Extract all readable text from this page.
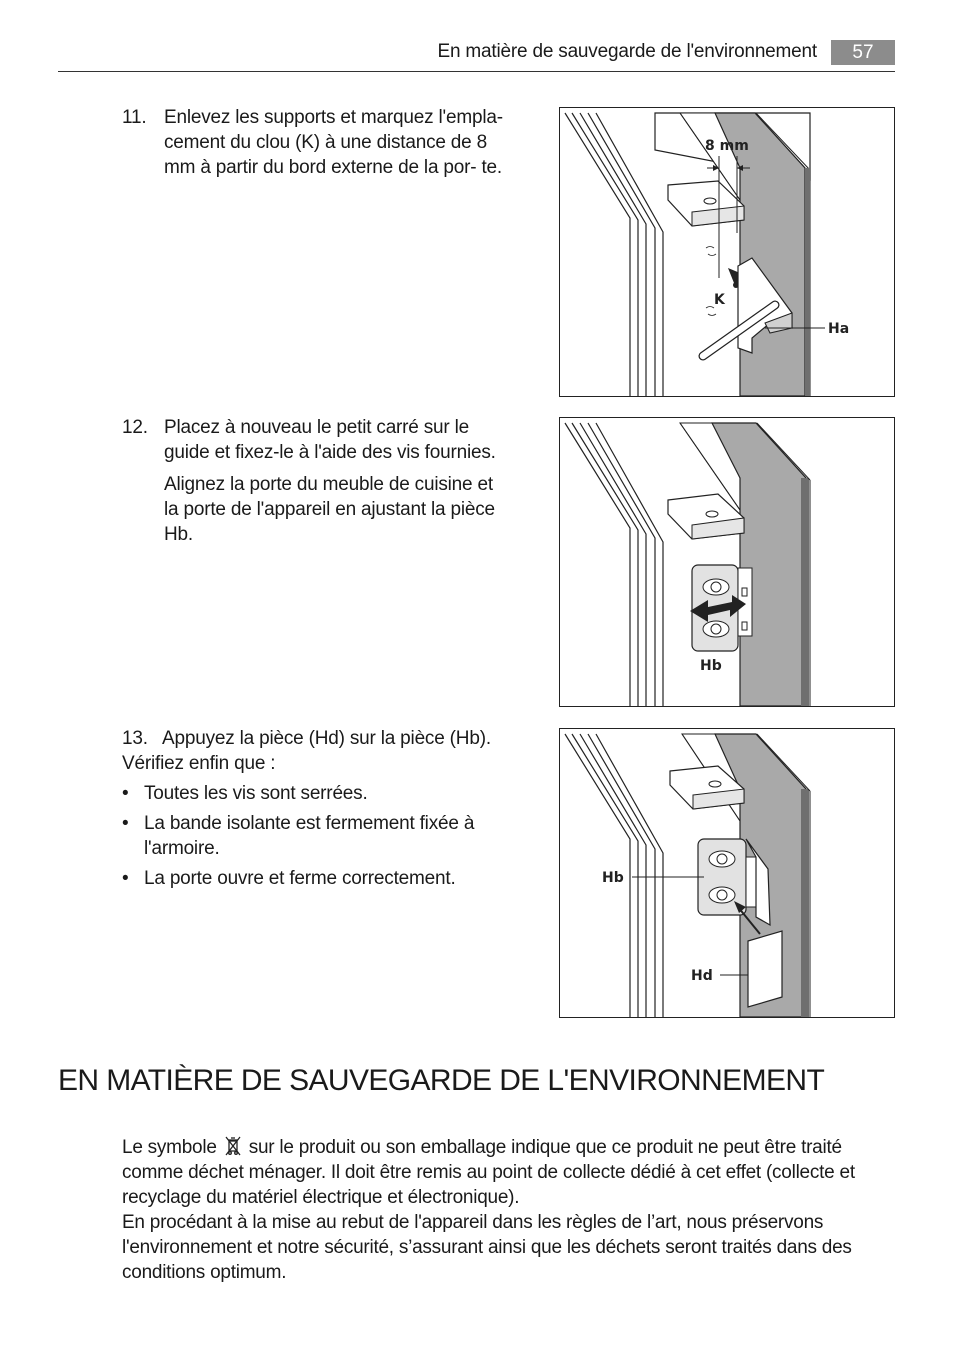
En matière de sauvegarde de l'environnement	57
11. Enlevez les supports et marquez l'empla- cement du clou (K) à une distance de 8 mm à partir du bord externe de la por- te.

12. Placez à nouveau le petit carré sur le guide et fixez-le à l'aide des vis fournies.

Alignez la porte du meuble de cuisine et la porte de l'appareil en ajustant la pièce Hb.

13. Appuyez la pièce (Hd) sur la pièce (Hb).

Vérifiez enfin que :

• Toutes les vis sont serrées.
• La bande isolante est fermement fixée à l'armoire.
• La porte ouvre et ferme correctement.
8 mm
K
Ha
Hb
Hb
Hd
EN MATIÈRE DE SAUVEGARDE DE L'ENVIRONNEMENT

Le symbole sur le produit ou son emballage indique que ce produit ne peut être traité comme déchet ménager. Il doit être remis au point de collecte dédié à cet effet (collecte et recyclage du matériel électrique et électronique).

En procédant à la mise au rebut de l'appareil dans les règles de l’art, nous préservons l'environnement et notre sécurité, s’assurant ainsi que les déchets seront traités dans des conditions optimum.
